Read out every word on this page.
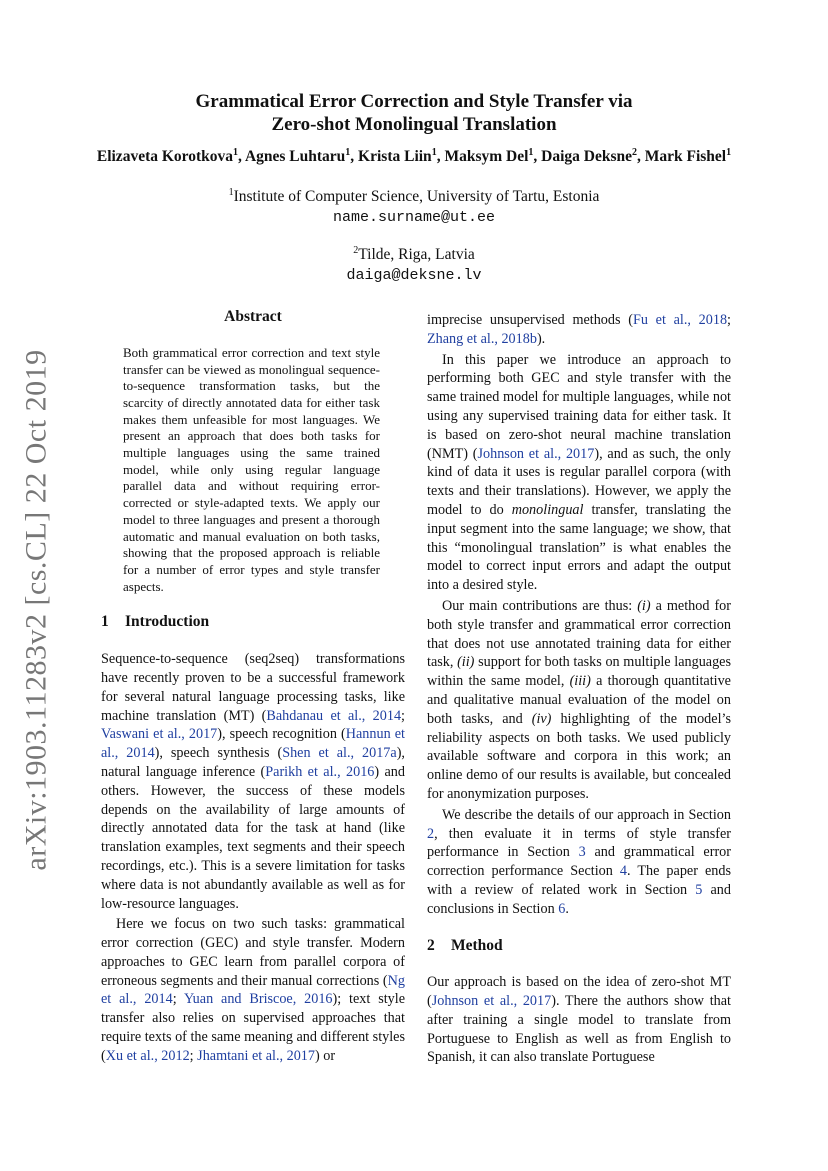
arXiv:1903.11283v2 [cs.CL] 22 Oct 2019
Grammatical Error Correction and Style Transfer via
Zero-shot Monolingual Translation
Elizaveta Korotkova$^1$, Agnes Luhtaru$^1$, Krista Liin$^1$, Maksym Del$^1$, Daiga Deksne$^2$, Mark Fishel$^1$
$^1$Institute of Computer Science, University of Tartu, Estonia
name.surname@ut.ee
$^2$Tilde, Riga, Latvia
daiga@deksne.lv
Abstract
Both grammatical error correction and text style transfer can be viewed as monolingual sequence-to-sequence transformation tasks, but the scarcity of directly annotated data for either task makes them unfeasible for most languages. We present an approach that does both tasks for multiple languages using the same trained model, while only using regular language parallel data and without requiring error-corrected or style-adapted texts. We apply our model to three languages and present a thorough automatic and manual evaluation on both tasks, showing that the proposed approach is reliable for a number of error types and style transfer aspects.
1 Introduction

Sequence-to-sequence (seq2seq) transformations have recently proven to be a successful framework for several natural language processing tasks, like machine translation (MT) (Bahdanau et al., 2014; Vaswani et al., 2017), speech recognition (Hannun et al., 2014), speech synthesis (Shen et al., 2017a), natural language inference (Parikh et al., 2016) and others. However, the success of these models depends on the availability of large amounts of directly annotated data for the task at hand (like translation examples, text segments and their speech recordings, etc.). This is a severe limitation for tasks where data is not abundantly available as well as for low-resource languages.

Here we focus on two such tasks: grammatical error correction (GEC) and style transfer. Modern approaches to GEC learn from parallel corpora of erroneous segments and their manual corrections (Ng et al., 2014; Yuan and Briscoe, 2016); text style transfer also relies on supervised approaches that require texts of the same meaning and different styles (Xu et al., 2012; Jhamtani et al., 2017) or

imprecise unsupervised methods (Fu et al., 2018; Zhang et al., 2018b).

In this paper we introduce an approach to performing both GEC and style transfer with the same trained model for multiple languages, while not using any supervised training data for either task. It is based on zero-shot neural machine translation (NMT) (Johnson et al., 2017), and as such, the only kind of data it uses is regular parallel corpora (with texts and their translations). However, we apply the model to do monolingual transfer, translating the input segment into the same language; we show, that this “monolingual translation” is what enables the model to correct input errors and adapt the output into a desired style.

Our main contributions are thus: (i) a method for both style transfer and grammatical error correction that does not use annotated training data for either task, (ii) support for both tasks on multiple languages within the same model, (iii) a thorough quantitative and qualitative manual evaluation of the model on both tasks, and (iv) highlighting of the model’s reliability aspects on both tasks. We used publicly available software and corpora in this work; an online demo of our results is available, but concealed for anonymization purposes.

We describe the details of our approach in Section 2, then evaluate it in terms of style transfer performance in Section 3 and grammatical error correction performance Section 4. The paper ends with a review of related work in Section 5 and conclusions in Section 6.

2 Method

Our approach is based on the idea of zero-shot MT (Johnson et al., 2017). There the authors show that after training a single model to translate from Portuguese to English as well as from English to Spanish, it can also translate Portuguese
